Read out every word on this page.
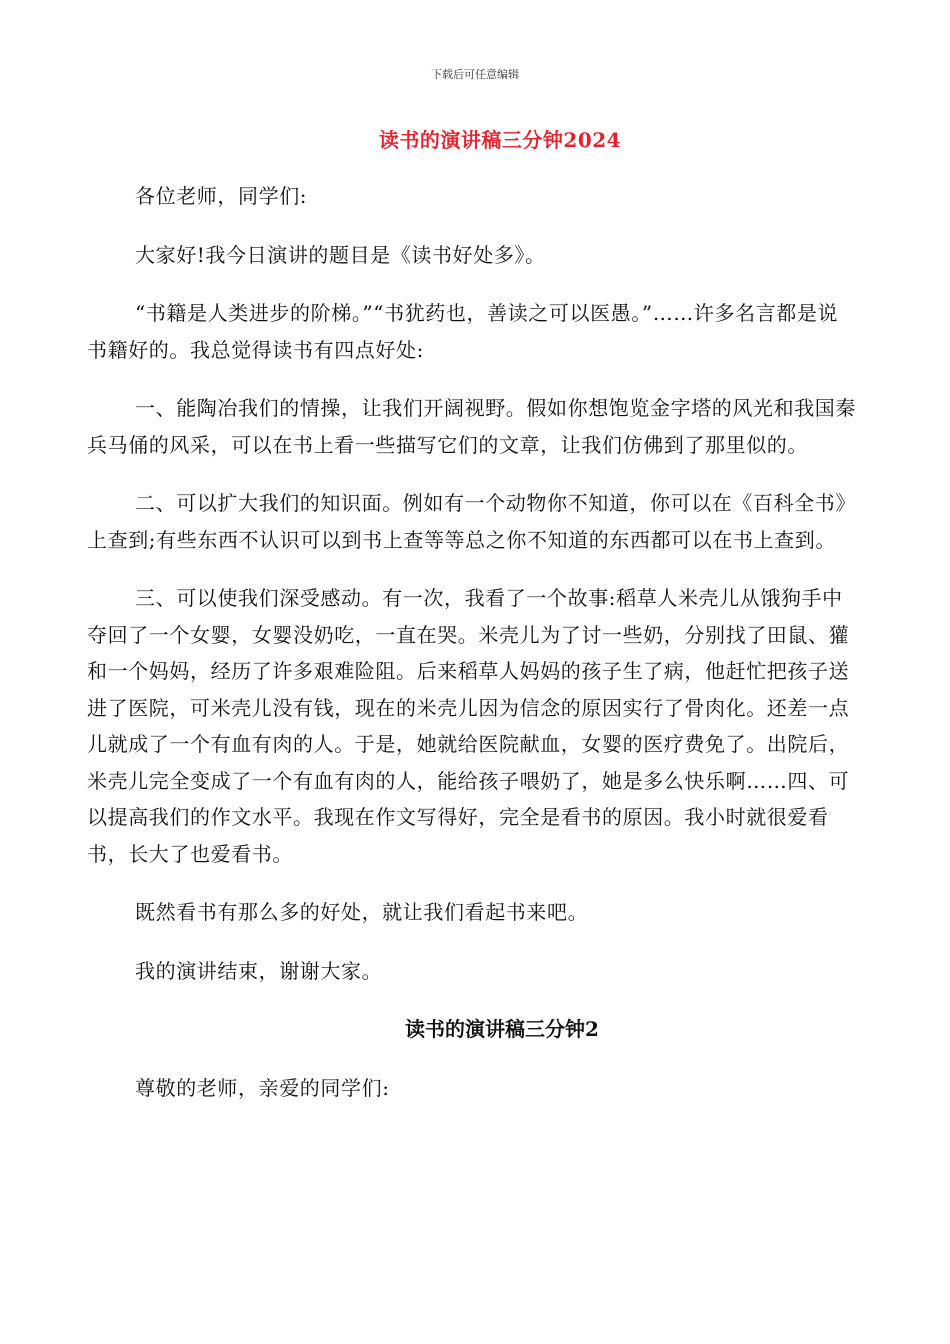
下载后可任意编辑
读书的演讲稿三分钟2024

各位老师，同学们:

大家好!我今日演讲的题目是《读书好处多》。

“书籍是人类进步的阶梯。”“书犹药也，善读之可以医愚。”……许多名言都是说书籍好的。我总觉得读书有四点好处:

一、能陶冶我们的情操，让我们开阔视野。假如你想饱览金字塔的风光和我国秦兵马俑的风采，可以在书上看一些描写它们的文章，让我们仿佛到了那里似的。

二、可以扩大我们的知识面。例如有一个动物你不知道，你可以在《百科全书》上查到;有些东西不认识可以到书上查等等总之你不知道的东西都可以在书上查到。

三、可以使我们深受感动。有一次，我看了一个故事:稻草人米壳儿从饿狗手中夺回了一个女婴，女婴没奶吃，一直在哭。米壳儿为了讨一些奶，分别找了田鼠、獾和一个妈妈，经历了许多艰难险阻。后来稻草人妈妈的孩子生了病，他赶忙把孩子送进了医院，可米壳儿没有钱，现在的米壳儿因为信念的原因实行了骨肉化。还差一点儿就成了一个有血有肉的人。于是，她就给医院献血，女婴的医疗费免了。出院后，米壳儿完全变成了一个有血有肉的人，能给孩子喂奶了，她是多么快乐啊……四、可以提高我们的作文水平。我现在作文写得好，完全是看书的原因。我小时就很爱看书，长大了也爱看书。

既然看书有那么多的好处，就让我们看起书来吧。

我的演讲结束，谢谢大家。

读书的演讲稿三分钟2

尊敬的老师，亲爱的同学们:
